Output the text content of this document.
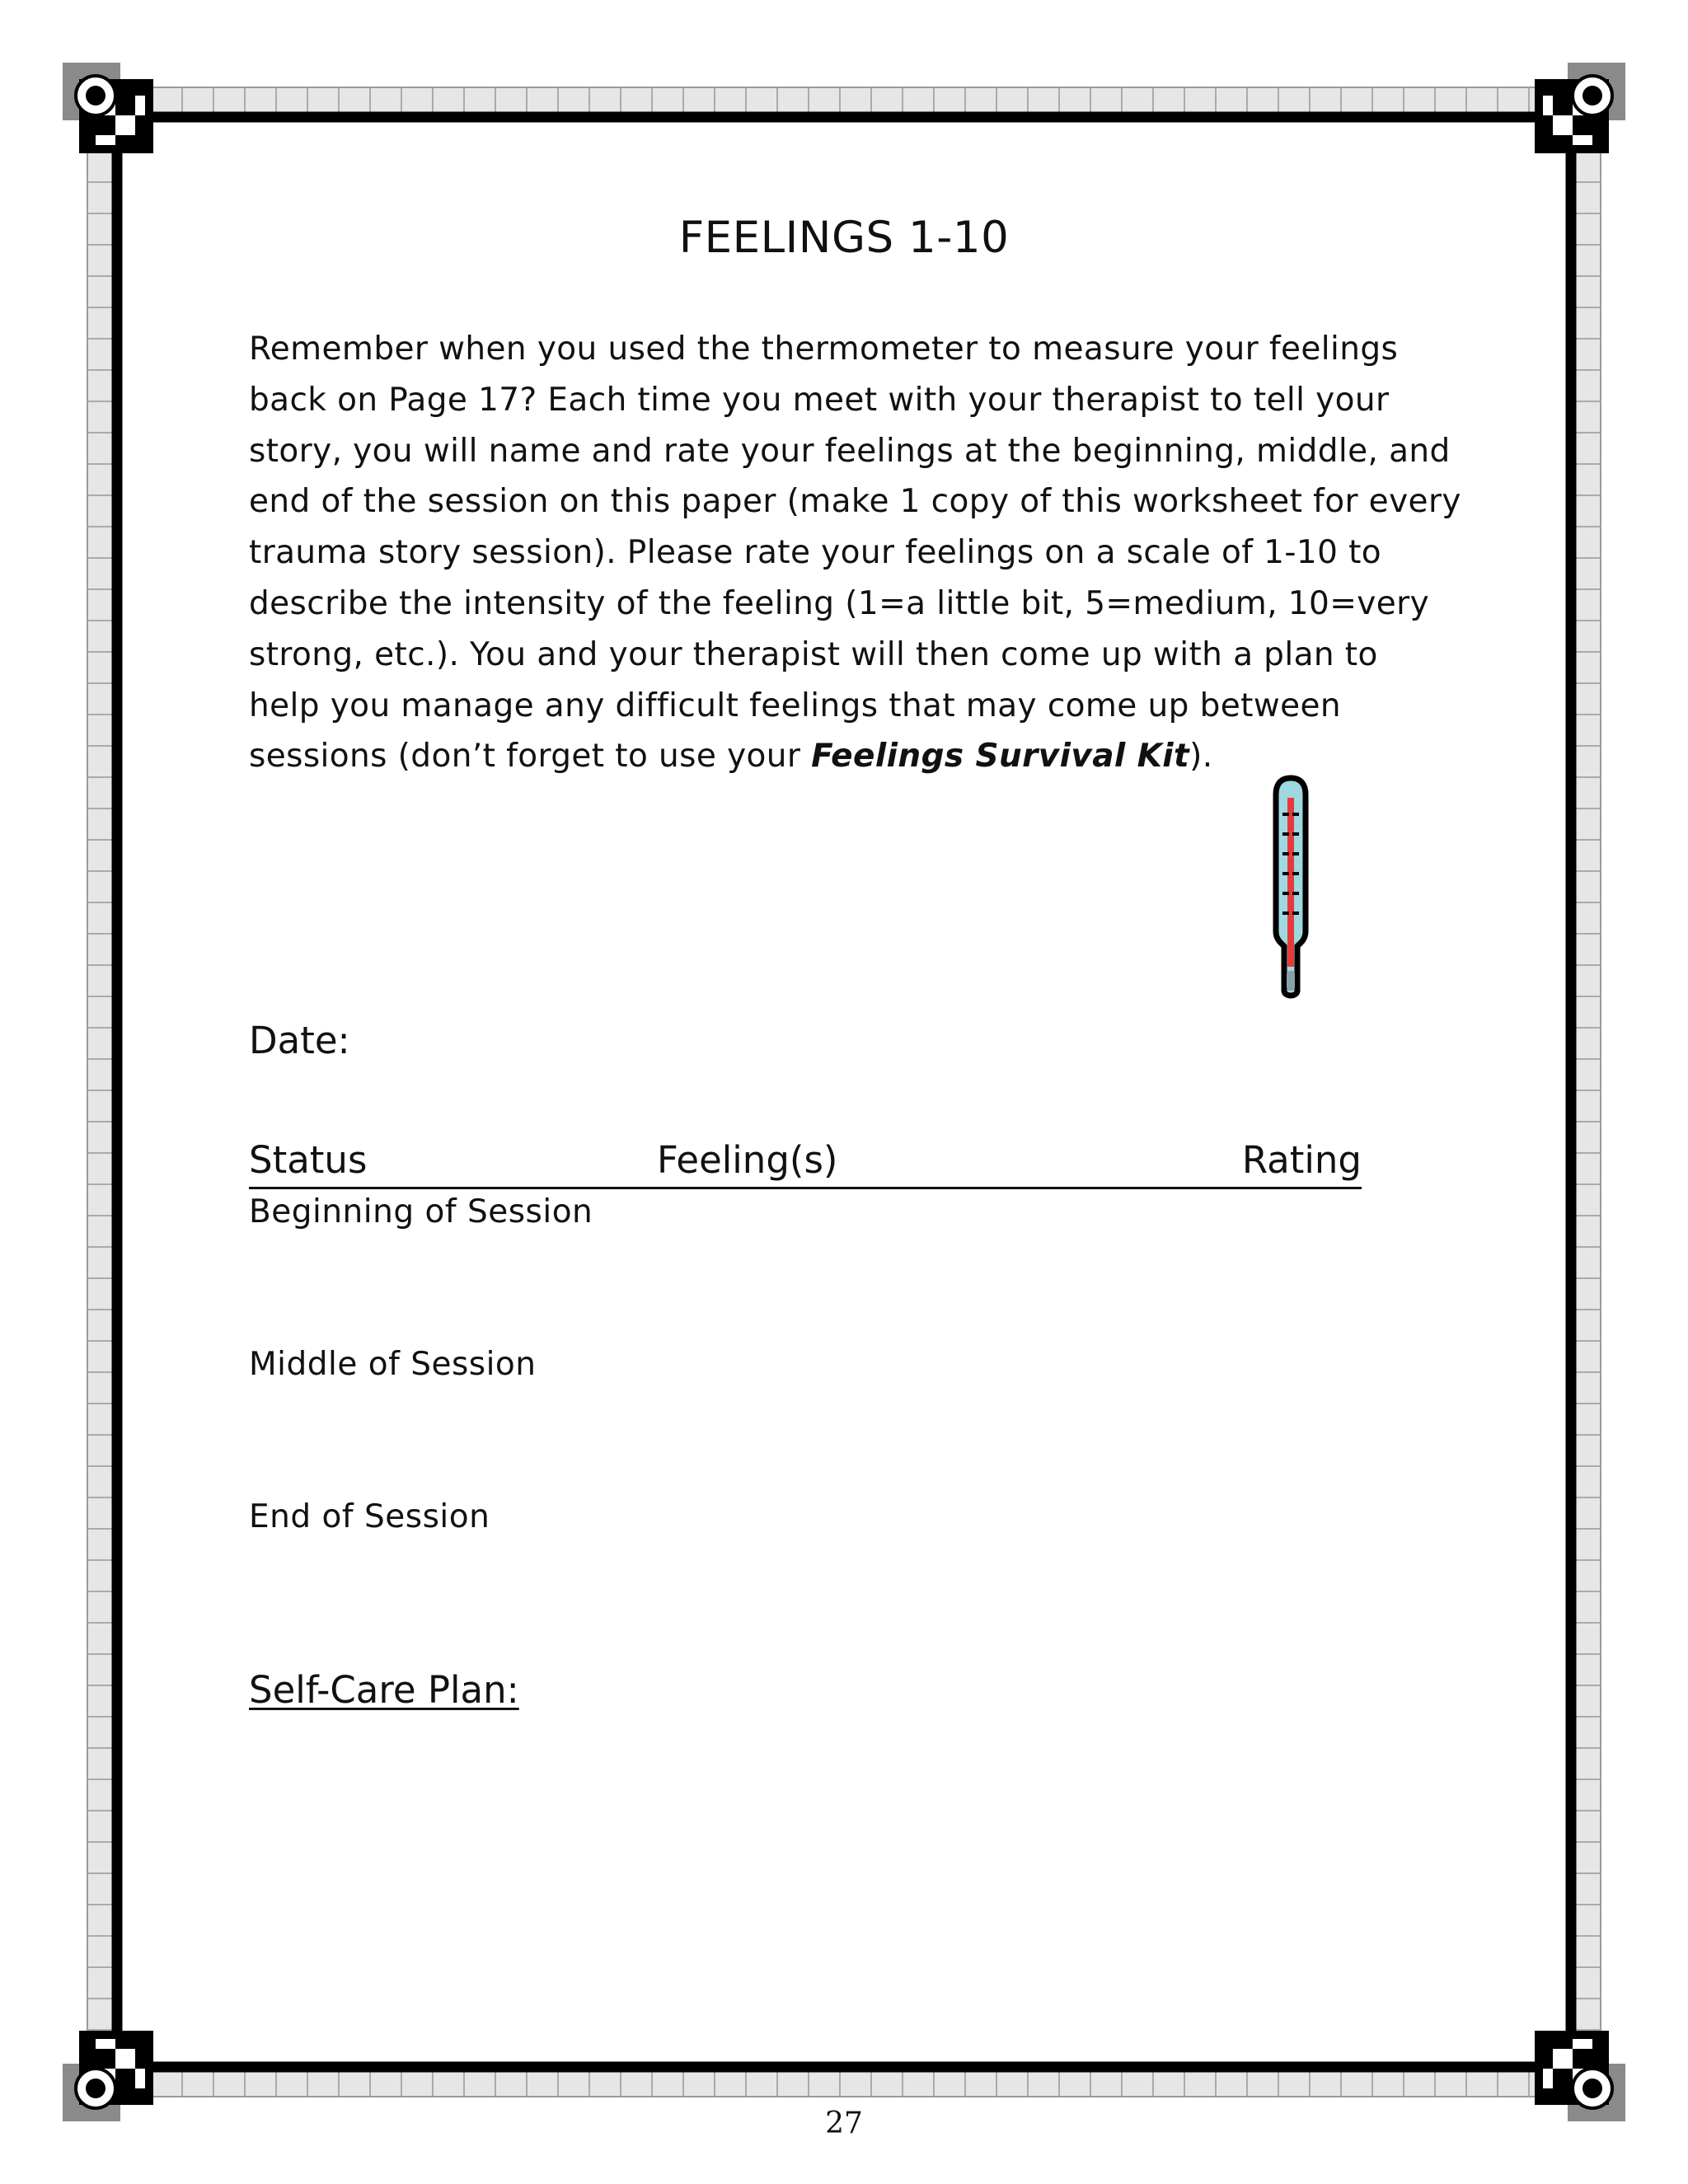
FEELINGS 1-10
Remember when you used the thermometer to measure your feelings
back on Page 17? Each time you meet with your therapist to tell your
story, you will name and rate your feelings at the beginning, middle, and
end of the session on this paper (make 1 copy of this worksheet for every
trauma story session). Please rate your feelings on a scale of 1-10 to
describe the intensity of the feeling (1=a little bit, 5=medium, 10=very
strong, etc.). You and your therapist will then come up with a plan to
help you manage any difficult feelings that may come up between
sessions (don’t forget to use your Feelings Survival Kit).
Date:
Status	Feeling(s)	Rating
Beginning of Session
Middle of Session
End of Session
Self-Care Plan:
27
